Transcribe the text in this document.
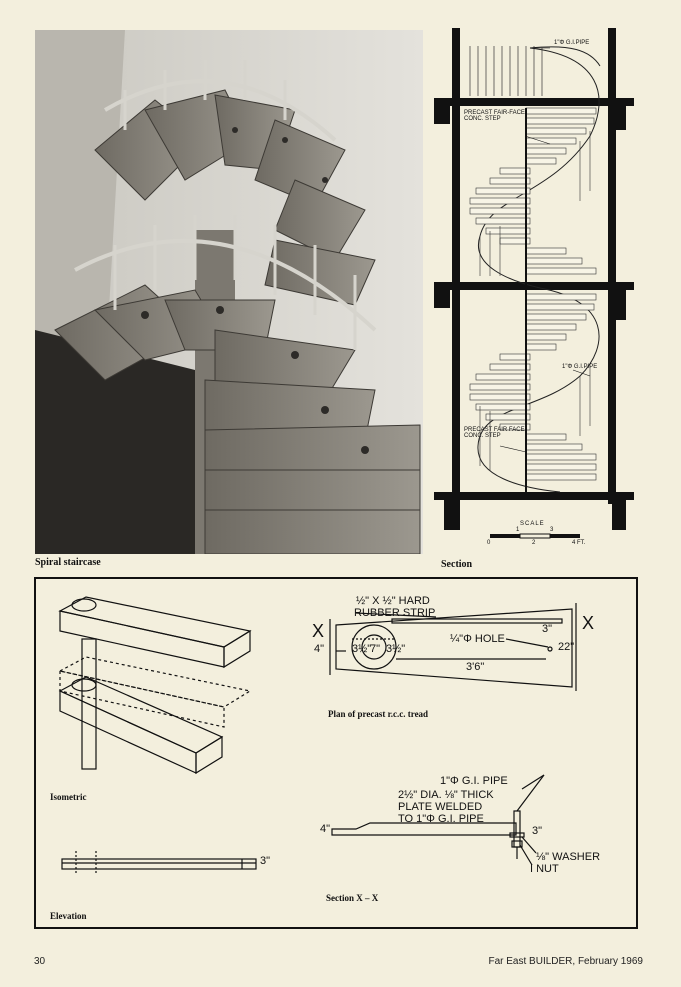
Spiral staircase
1"Φ G.I.PIPE
PRECAST FAIR-FACE CONC. STEP
1"Φ G.I.PIPE
PRECAST FAIR FACE CONC. STEP
SCALE
1	3
0	2	4 FT.
Section
Isometric
Elevation
3"
X	X
½" X ½" HARD
RUBBER STRIP
¼"Φ HOLE
4"	3½"
7" 3½"
3'6"
22"
3"
Plan of precast r.c.c. tread
1"Φ G.I. PIPE
2½" DIA. ⅛" THICK
PLATE WELDED
TO 1"Φ G.I. PIPE
4"	3"
⅛" WASHER
I NUT
Section X – X
30	Far East BUILDER, February 1969
